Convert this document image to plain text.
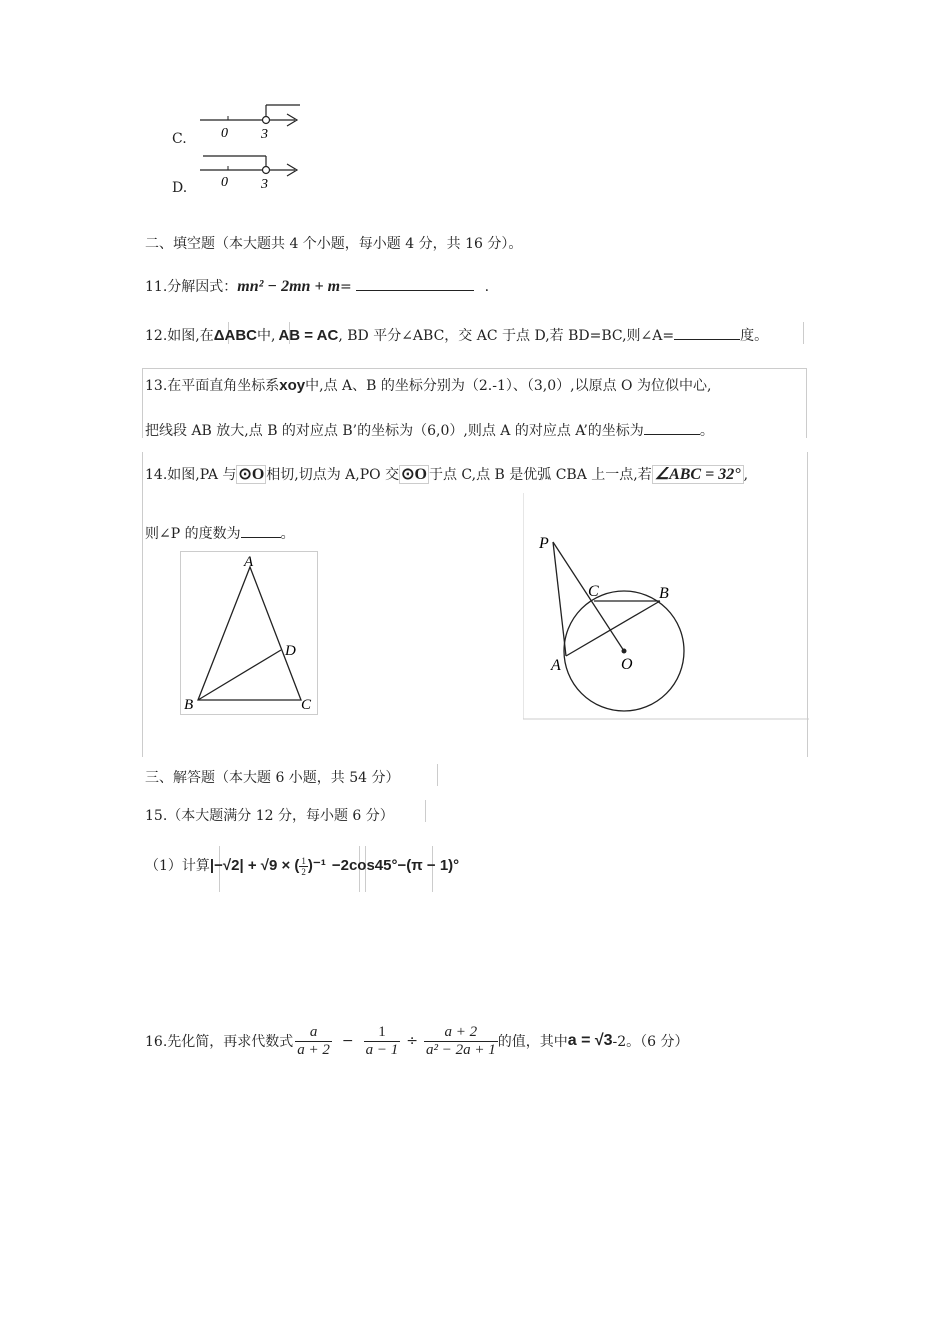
C. 0 3
D. 0 3
二、填空题（本大题共 4 个小题，每小题 4 分，共 16 分）。
11.分解因式：mn² − 2mn + m=	.
12.如图,在ΔABC中, AB = AC, BD 平分∠ABC，交 AC 于点 D,若 BD=BC,则∠A=	度。
13.在平面直角坐标系xoy中,点 A、B 的坐标分别为（2.-1）、（3,0）,以原点 O 为位似中心,
把线段 AB 放大,点 B 的对应点 B’的坐标为（6,0）,则点 A 的对应点 A’的坐标为	。
14.如图,PA 与 ⊙O 相切,切点为 A,PO 交 ⊙O 于点 C,点 B 是优弧 CBA 上一点,若 ∠ABC = 32° ,
则∠P 的度数为	。
A
B	C
D
P
A
C	B
O
三、解答题（本大题 6 小题，共 54 分）
15.（本大题满分 12 分，每小题 6 分）
（1）计算|−√2| + √9 × ( $\frac{1}{2} )^{-1} -2\cos 45^\circ-(\pi - 1)^\circ$
16.先化简，再求代数式 $\frac{a}{a + 2} - \frac{1}{a - 1} \div \frac{a + 2}{\text{a² − 2a + 1}}$ 的值，其中 a = √3 -2。（6 分）
